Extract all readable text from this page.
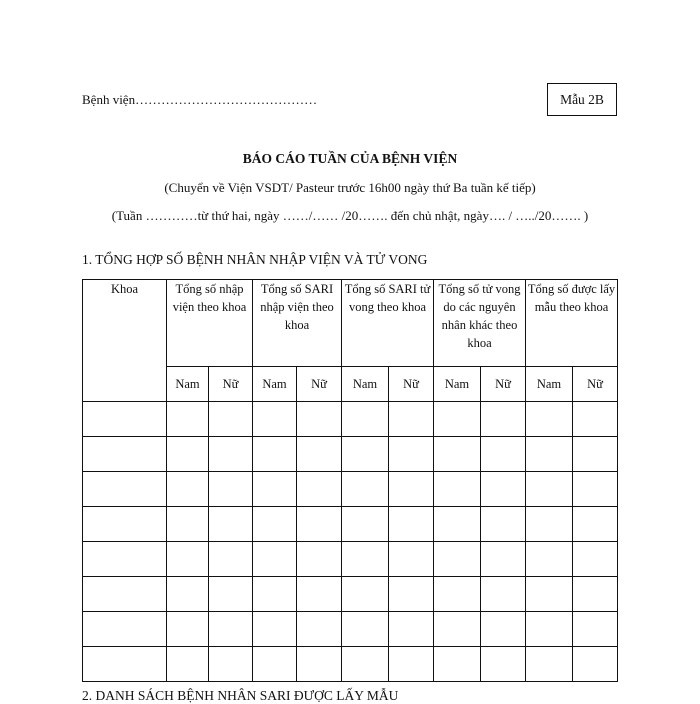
Bệnh viện……………………………………	Mẫu 2B
BÁO CÁO TUẦN CỦA BỆNH VIỆN
(Chuyển về Viện VSDT/ Pasteur trước 16h00 ngày thứ Ba tuần kế tiếp)
(Tuần …………từ thứ hai, ngày ……/…… /20……. đến chủ nhật, ngày…. / …../20……. )
1. TỔNG HỢP SỐ BỆNH NHÂN NHẬP VIỆN VÀ TỬ VONG
Khoa	Tổng số nhập viện theo khoa		Tổng số SARI nhập viện theo khoa		Tổng số SARI tử vong theo khoa		Tổng số tử vong do các nguyên nhân khác theo khoa		Tổng số được lấy mẫu theo khoa	
	Nam	Nữ	Nam	Nữ	Nam	Nữ	Nam	Nữ	Nam	Nữ

2. DANH SÁCH BỆNH NHÂN SARI ĐƯỢC LẤY MẪU
